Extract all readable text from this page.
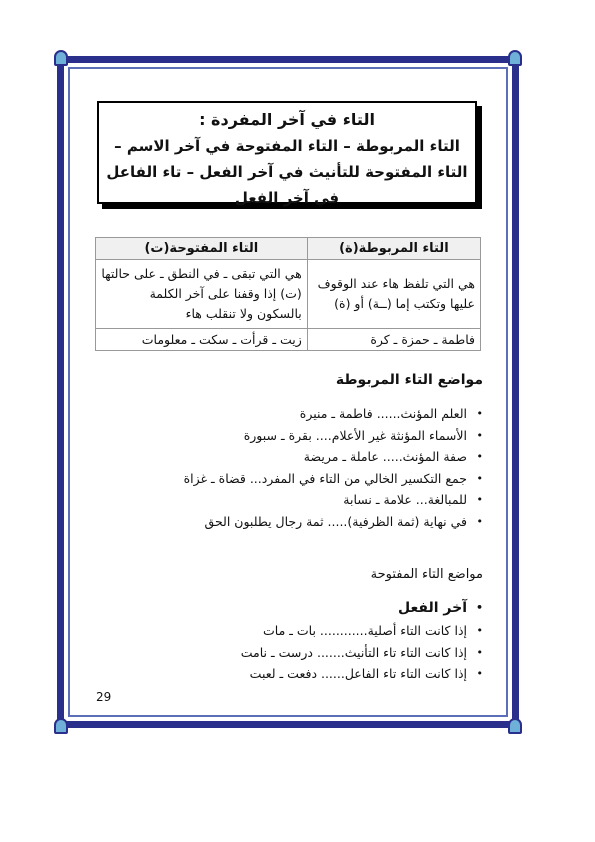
التاء في آخر المفردة :
التاء المربوطة – التاء المفتوحة في آخر الاسم –
التاء المفتوحة للتأنيث في آخر الفعل – تاء الفاعل في آخر الفعل
التاء المربوطة(ة)	التاء المفتوحة(ت)
هي التي تلفظ هاء عند الوقوف عليها وتكتب إما (ــة) أو (ة)	هي التي تبقى ـ في النطق ـ على حالتها (ت) إذا وقفنا على آخر الكلمة بالسكون ولا تنقلب هاء
فاطمة ـ حمزة ـ كرة	زيت ـ قرأت ـ سكت ـ معلومات
مواضع التاء المربوطة
• العلم المؤنث...... فاطمة ـ منيرة
• الأسماء المؤنثة غير الأعلام.... بقرة ـ سبورة
• صفة المؤنث..... عاملة ـ مريضة
• جمع التكسير الخالي من التاء في المفرد... قضاة ـ غزاة
• للمبالغة... علامة ـ نسابة
• في نهاية (ثمة الظرفية)..... ثمة رجال يطلبون الحق
مواضع التاء المفتوحة
• آخر الفعل
• إذا كانت التاء أصلية............ بات ـ مات
• إذا كانت التاء تاء التأنيث....... درست ـ نامت
• إذا كانت التاء تاء الفاعل...... دفعت ـ لعبت
29
